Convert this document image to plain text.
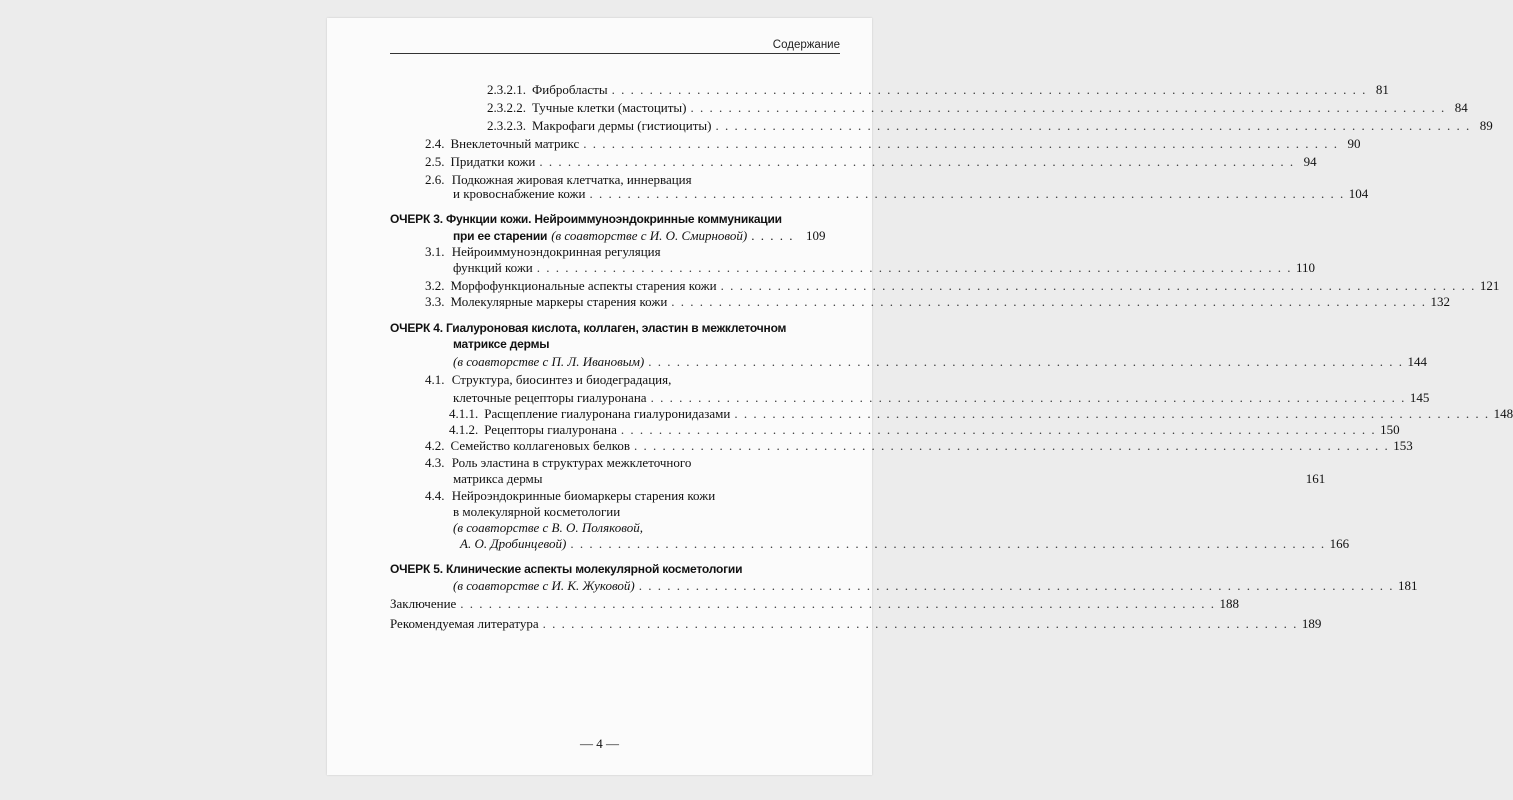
Содержание
2.3.2.1. Фибробласты . . .	81
2.3.2.2. Тучные клетки (мастоциты) . . .	84
2.3.2.3. Макрофаги дермы (гистиоциты) . . .	89
2.4. Внеклеточный матрикс . . .	90
2.5. Придатки кожи . . .	94
2.6. Подкожная жировая клетчатка, иннервация
и кровоснабжение кожи . . .	104
ОЧЕРК 3. Функции кожи. Нейроиммуноэндокринные коммуникации
при ее старении (в соавторстве с И. О. Смирновой) . . . . . 109
3.1. Нейроиммуноэндокринная регуляция
функций кожи . . .	110
3.2. Морфофункциональные аспекты старения кожи . . .	121
3.3. Молекулярные маркеры старения кожи . . .	132
ОЧЕРК 4. Гиалуроновая кислота, коллаген, эластин в межклеточном
матриксе дермы
(в соавторстве с П. Л. Ивановым) . . .	144
4.1. Структура, биосинтез и биодеградация,
клеточные рецепторы гиалуронана . . .	145
4.1.1. Расщепление гиалуронана гиалуронидазами . . .	148
4.1.2. Рецепторы гиалуронана . . .	150
4.2. Семейство коллагеновых белков . . .	153
4.3. Роль эластина в структурах межклеточного
матрикса дермы	161
4.4. Нейроэндокринные биомаркеры старения кожи
в молекулярной косметологии
(в соавторстве с В. О. Поляковой,
А. О. Дробинцевой) . . .	166
ОЧЕРК 5. Клинические аспекты молекулярной косметологии
(в соавторстве с И. К. Жуковой) . . .	181
Заключение . . .	188
Рекомендуемая литература . . .	189
— 4 —
